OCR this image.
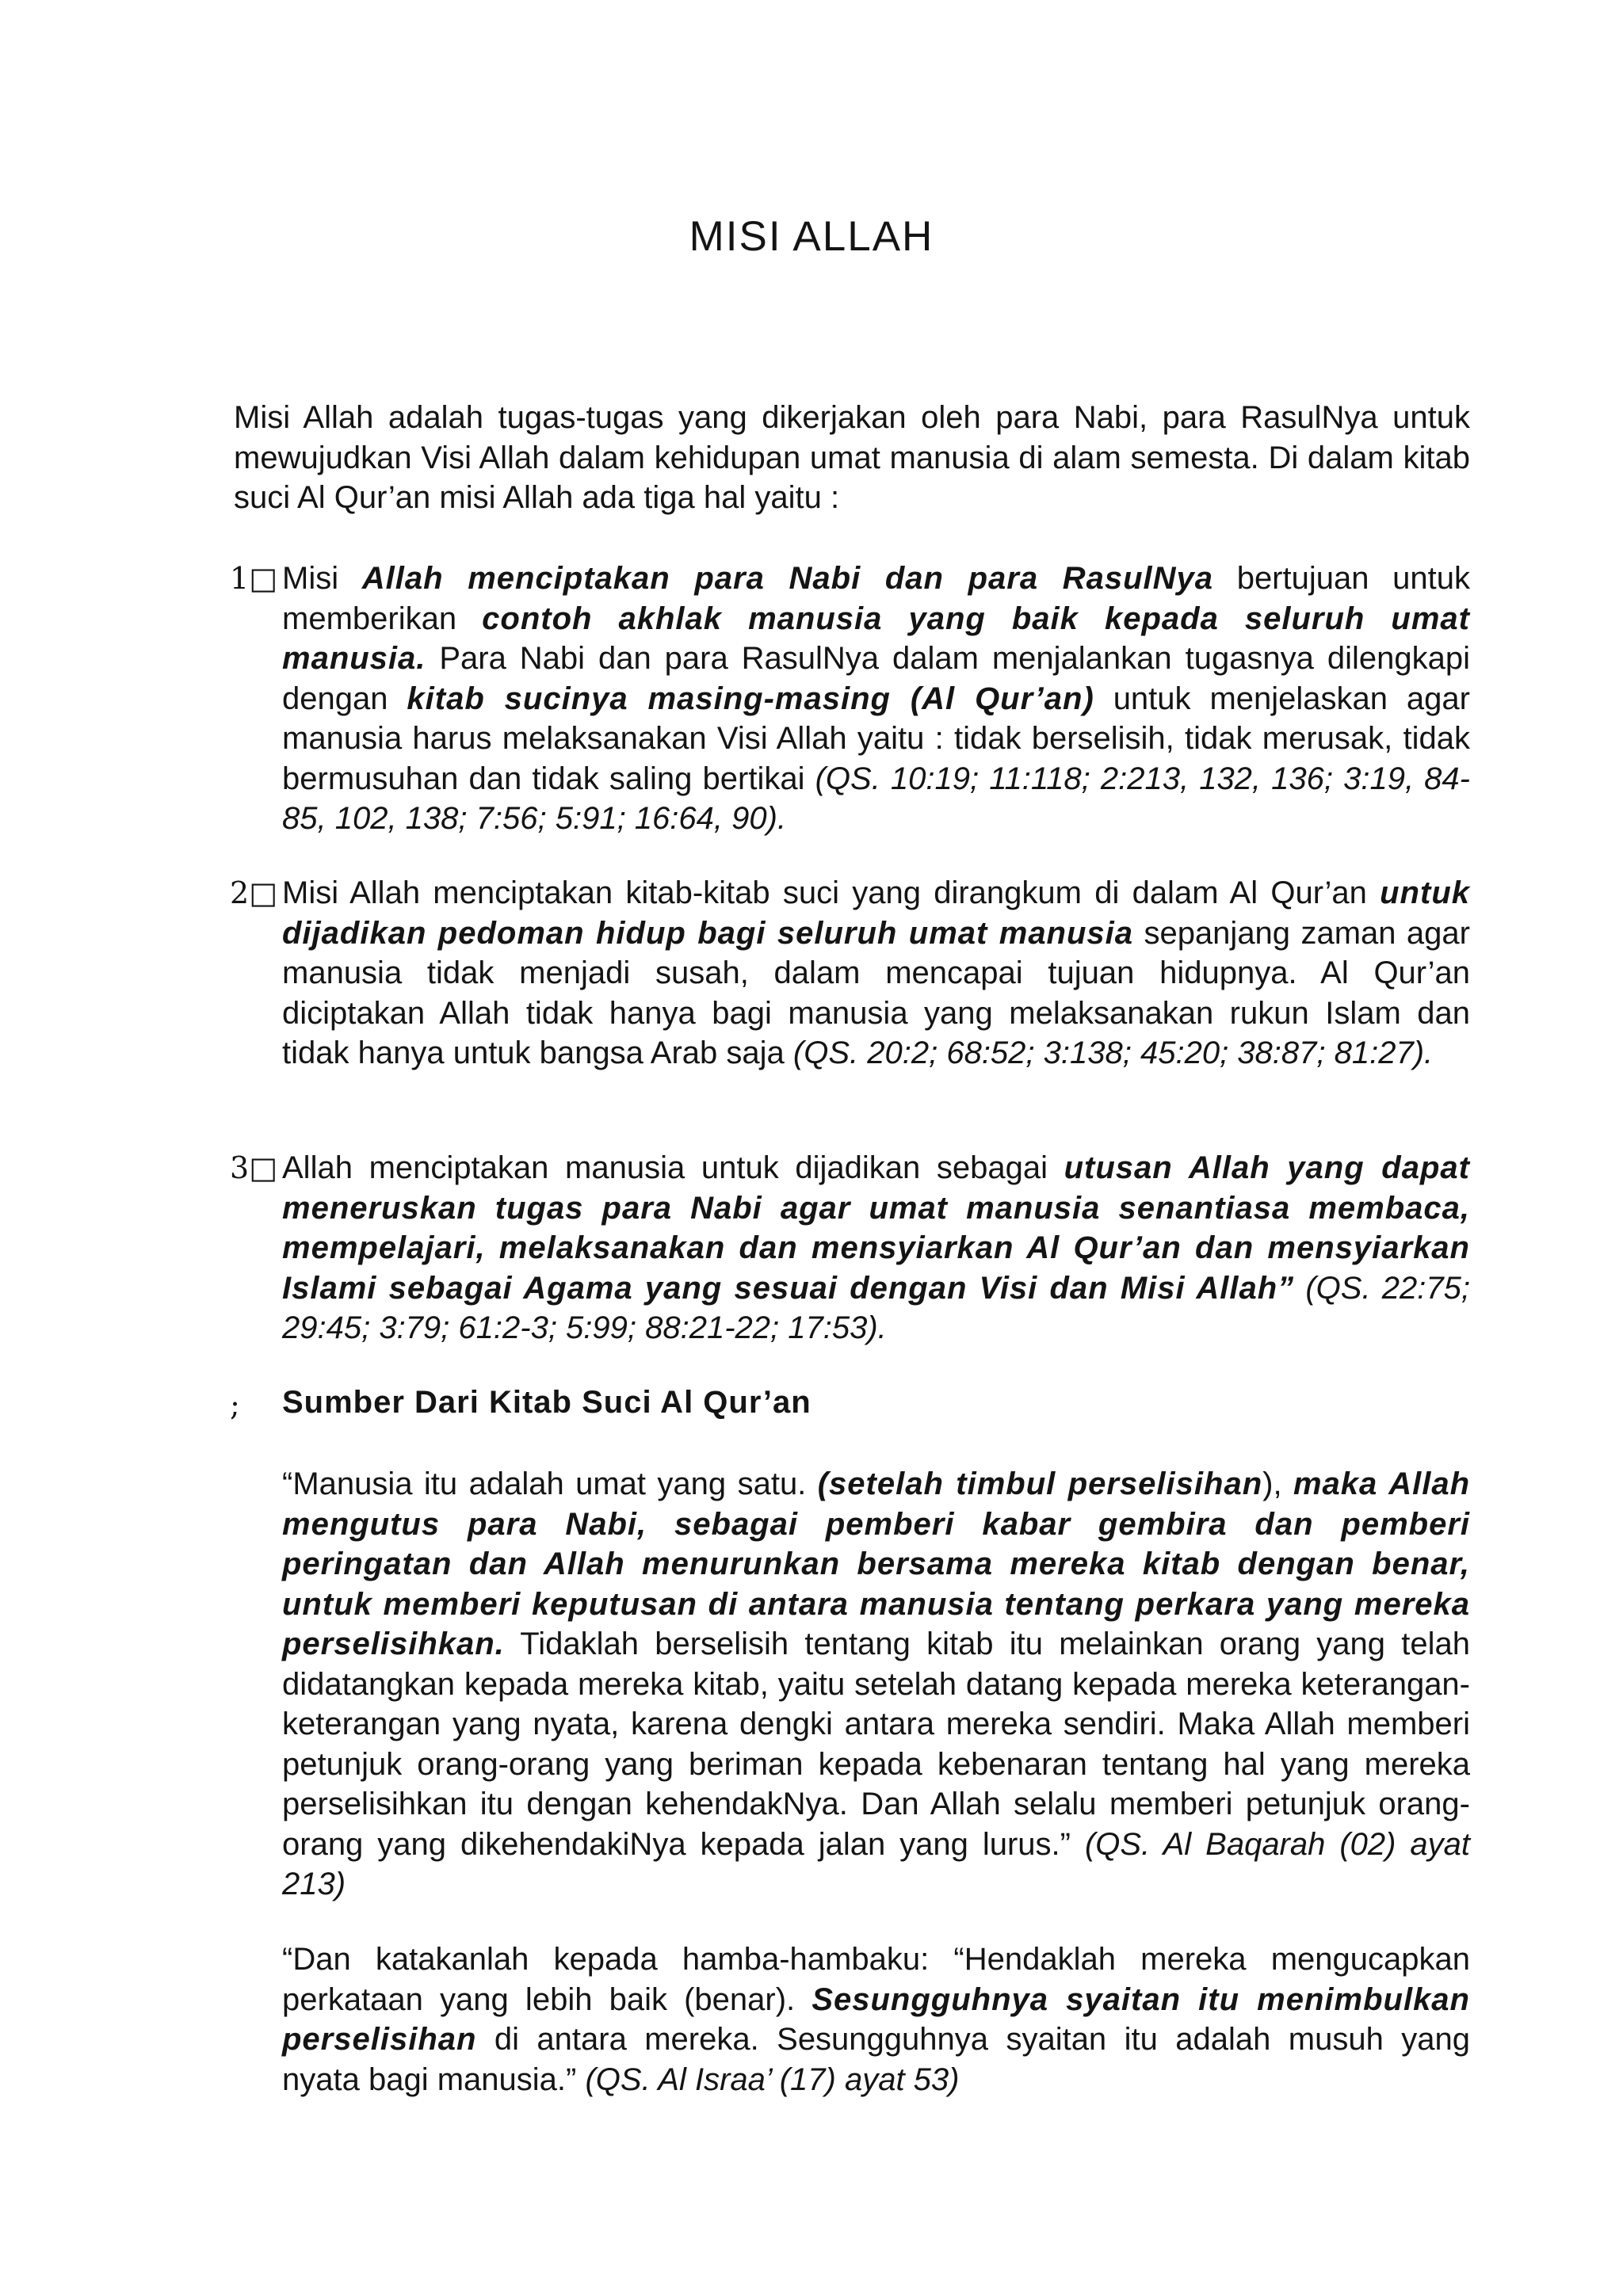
MISI ALLAH

Misi Allah adalah tugas-tugas yang dikerjakan oleh para Nabi, para RasulNya untuk mewujudkan Visi Allah dalam kehidupan umat manusia di alam semesta. Di dalam kitab suci Al Qur’an misi Allah ada tiga hal yaitu :

1□ Misi Allah menciptakan para Nabi dan para RasulNya bertujuan untuk memberikan contoh akhlak manusia yang baik kepada seluruh umat manusia. Para Nabi dan para RasulNya dalam menjalankan tugasnya dilengkapi dengan kitab sucinya masing-masing (Al Qur’an) untuk menjelaskan agar manusia harus melaksanakan Visi Allah yaitu : tidak berselisih, tidak merusak, tidak bermusuhan dan tidak saling bertikai (QS. 10:19; 11:118; 2:213, 132, 136; 3:19, 84-85, 102, 138; 7:56; 5:91; 16:64, 90).

2□ Misi Allah menciptakan kitab-kitab suci yang dirangkum di dalam Al Qur’an untuk dijadikan pedoman hidup bagi seluruh umat manusia sepanjang zaman agar manusia tidak menjadi susah, dalam mencapai tujuan hidupnya. Al Qur’an diciptakan Allah tidak hanya bagi manusia yang melaksanakan rukun Islam dan tidak hanya untuk bangsa Arab saja (QS. 20:2; 68:52; 3:138; 45:20; 38:87; 81:27).

3□ Allah menciptakan manusia untuk dijadikan sebagai utusan Allah yang dapat meneruskan tugas para Nabi agar umat manusia senantiasa membaca, mempelajari, melaksanakan dan mensyiarkan Al Qur’an dan mensyiarkan Islami sebagai Agama yang sesuai dengan Visi dan Misi Allah” (QS. 22:75; 29:45; 3:79; 61:2-3; 5:99; 88:21-22; 17:53).

; Sumber Dari Kitab Suci Al Qur’an

“Manusia itu adalah umat yang satu. (setelah timbul perselisihan), maka Allah mengutus para Nabi, sebagai pemberi kabar gembira dan pemberi peringatan dan Allah menurunkan bersama mereka kitab dengan benar, untuk memberi keputusan di antara manusia tentang perkara yang mereka perselisihkan. Tidaklah berselisih tentang kitab itu melainkan orang yang telah didatangkan kepada mereka kitab, yaitu setelah datang kepada mereka keterangan-keterangan yang nyata, karena dengki antara mereka sendiri. Maka Allah memberi petunjuk orang-orang yang beriman kepada kebenaran tentang hal yang mereka perselisihkan itu dengan kehendakNya. Dan Allah selalu memberi petunjuk orang-orang yang dikehendakiNya kepada jalan yang lurus.” (QS. Al Baqarah (02) ayat 213)

“Dan katakanlah kepada hamba-hambaku: “Hendaklah mereka mengucapkan perkataan yang lebih baik (benar). Sesungguhnya syaitan itu menimbulkan perselisihan di antara mereka. Sesungguhnya syaitan itu adalah musuh yang nyata bagi manusia.” (QS. Al Israa’ (17) ayat 53)
